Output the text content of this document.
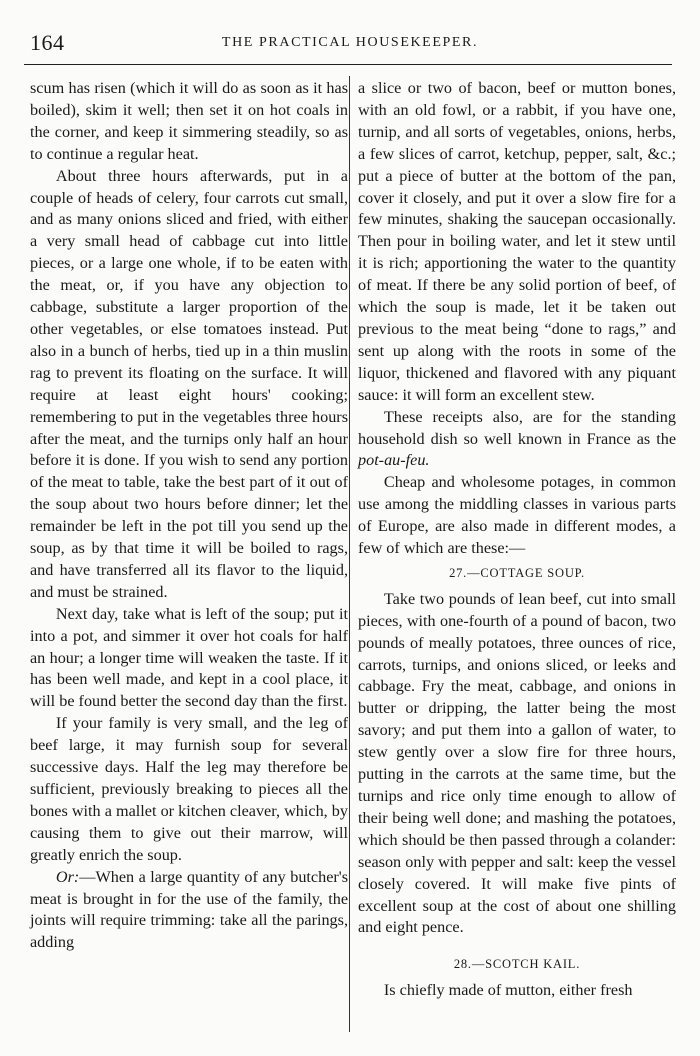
164	THE PRACTICAL HOUSEKEEPER.

scum has risen (which it will do as soon as it has boiled), skim it well; then set it on hot coals in the corner, and keep it simmering steadily, so as to continue a regular heat.

About three hours afterwards, put in a couple of heads of celery, four carrots cut small, and as many onions sliced and fried, with either a very small head of cabbage cut into little pieces, or a large one whole, if to be eaten with the meat, or, if you have any objection to cabbage, substitute a larger proportion of the other vegetables, or else tomatoes instead. Put also in a bunch of herbs, tied up in a thin muslin rag to prevent its floating on the surface. It will require at least eight hours' cooking; remembering to put in the vegetables three hours after the meat, and the turnips only half an hour before it is done. If you wish to send any portion of the meat to table, take the best part of it out of the soup about two hours before dinner; let the remainder be left in the pot till you send up the soup, as by that time it will be boiled to rags, and have transferred all its flavor to the liquid, and must be strained.

Next day, take what is left of the soup; put it into a pot, and simmer it over hot coals for half an hour; a longer time will weaken the taste. If it has been well made, and kept in a cool place, it will be found better the second day than the first.

If your family is very small, and the leg of beef large, it may furnish soup for several successive days. Half the leg may therefore be sufficient, previously breaking to pieces all the bones with a mallet or kitchen cleaver, which, by causing them to give out their marrow, will greatly enrich the soup.

Or:—When a large quantity of any butcher's meat is brought in for the use of the family, the joints will require trimming: take all the parings, adding

a slice or two of bacon, beef or mutton bones, with an old fowl, or a rabbit, if you have one, turnip, and all sorts of vegetables, onions, herbs, a few slices of carrot, ketchup, pepper, salt, &c.; put a piece of butter at the bottom of the pan, cover it closely, and put it over a slow fire for a few minutes, shaking the saucepan occasionally. Then pour in boiling water, and let it stew until it is rich; apportioning the water to the quantity of meat. If there be any solid portion of beef, of which the soup is made, let it be taken out previous to the meat being “done to rags,” and sent up along with the roots in some of the liquor, thickened and flavored with any piquant sauce: it will form an excellent stew.

These receipts also, are for the standing household dish so well known in France as the pot-au-feu.

Cheap and wholesome potages, in common use among the middling classes in various parts of Europe, are also made in different modes, a few of which are these:—

27.—COTTAGE SOUP.

Take two pounds of lean beef, cut into small pieces, with one-fourth of a pound of bacon, two pounds of meally potatoes, three ounces of rice, carrots, turnips, and onions sliced, or leeks and cabbage. Fry the meat, cabbage, and onions in butter or dripping, the latter being the most savory; and put them into a gallon of water, to stew gently over a slow fire for three hours, putting in the carrots at the same time, but the turnips and rice only time enough to allow of their being well done; and mashing the potatoes, which should be then passed through a colander: season only with pepper and salt: keep the vessel closely covered. It will make five pints of excellent soup at the cost of about one shilling and eight pence.

28.—SCOTCH KAIL.

Is chiefly made of mutton, either fresh
